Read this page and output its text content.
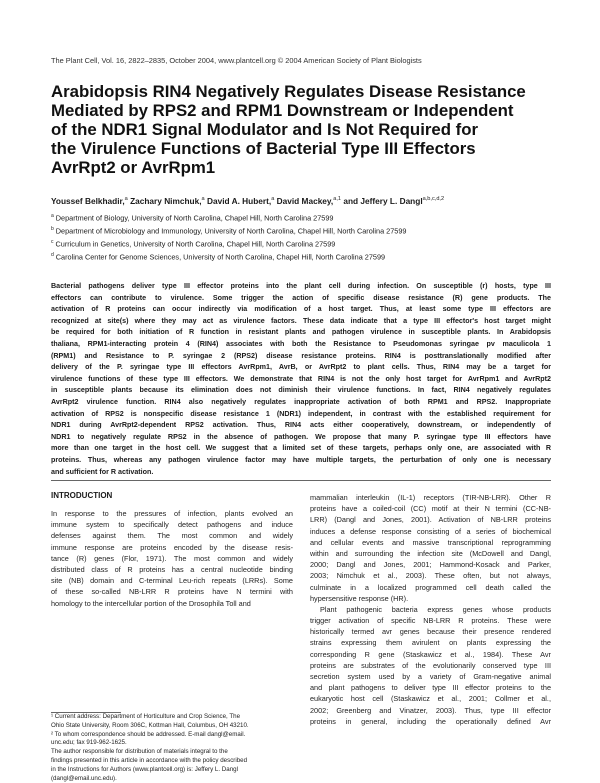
The Plant Cell, Vol. 16, 2822–2835, October 2004, www.plantcell.org © 2004 American Society of Plant Biologists
Arabidopsis RIN4 Negatively Regulates Disease Resistance
Mediated by RPS2 and RPM1 Downstream or Independent
of the NDR1 Signal Modulator and Is Not Required for
the Virulence Functions of Bacterial Type III Effectors
AvrRpt2 or AvrRpm1
Youssef Belkhadir,$^a$ Zachary Nimchuk,$^a$ David A. Hubert,$^a$ David Mackey,$^{a,1}$ and Jeffery L. Dangl$^{a,b,c,d,2}$
$^a$ Department of Biology, University of North Carolina, Chapel Hill, North Carolina 27599
$^b$ Department of Microbiology and Immunology, University of North Carolina, Chapel Hill, North Carolina 27599
$^c$ Curriculum in Genetics, University of North Carolina, Chapel Hill, North Carolina 27599
$^d$ Carolina Center for Genome Sciences, University of North Carolina, Chapel Hill, North Carolina 27599
Bacterial pathogens deliver type III effector proteins into the plant cell during infection. On susceptible (r) hosts, type III
effectors can contribute to virulence. Some trigger the action of specific disease resistance (R) gene products. The
activation of R proteins can occur indirectly via modification of a host target. Thus, at least some type III effectors are
recognized at site(s) where they may act as virulence factors. These data indicate that a type III effector's host target might
be required for both initiation of R function in resistant plants and pathogen virulence in susceptible plants. In Arabidopsis
thaliana, RPM1-interacting protein 4 (RIN4) associates with both the Resistance to Pseudomonas syringae pv maculicola 1
(RPM1) and Resistance to P. syringae 2 (RPS2) disease resistance proteins. RIN4 is posttranslationally modified after
delivery of the P. syringae type III effectors AvrRpm1, AvrB, or AvrRpt2 to plant cells. Thus, RIN4 may be a target for
virulence functions of these type III effectors. We demonstrate that RIN4 is not the only host target for AvrRpm1 and AvrRpt2
in susceptible plants because its elimination does not diminish their virulence functions. In fact, RIN4 negatively regulates
AvrRpt2 virulence function. RIN4 also negatively regulates inappropriate activation of both RPM1 and RPS2. Inappropriate
activation of RPS2 is nonspecific disease resistance 1 (NDR1) independent, in contrast with the established requirement for
NDR1 during AvrRpt2-dependent RPS2 activation. Thus, RIN4 acts either cooperatively, downstream, or independently of
NDR1 to negatively regulate RPS2 in the absence of pathogen. We propose that many P. syringae type III effectors have
more than one target in the host cell. We suggest that a limited set of these targets, perhaps only one, are associated with R
proteins. Thus, whereas any pathogen virulence factor may have multiple targets, the perturbation of only one is necessary
and sufficient for R activation.
INTRODUCTION
In response to the pressures of infection, plants evolved an
immune system to specifically detect pathogens and induce
defenses against them. The most common and widely
immune response are proteins encoded by the disease resis-
tance (R) genes (Flor, 1971). The most common and widely
distributed class of R proteins has a central nucleotide binding
site (NB) domain and C-terminal Leu-rich repeats (LRRs). Some
of these so-called NB-LRR R proteins have N termini with
homology to the intercellular portion of the Drosophila Toll and
mammalian interleukin (IL-1) receptors (TIR-NB-LRR). Other R
proteins have a coiled-coil (CC) motif at their N termini (CC-NB-
LRR) (Dangl and Jones, 2001). Activation of NB-LRR proteins
induces a defense response consisting of a series of biochemical
and cellular events and massive transcriptional reprogramming
within and surrounding the infection site (McDowell and Dangl,
2000; Dangl and Jones, 2001; Hammond-Kosack and Parker,
2003; Nimchuk et al., 2003). These often, but not always,
culminate in a localized programmed cell death called the
hypersensitive response (HR).
Plant pathogenic bacteria express genes whose products
trigger activation of specific NB-LRR R proteins. These were
historically termed avr genes because their presence rendered
strains expressing them avirulent on plants expressing the
corresponding R gene (Staskawicz et al., 1984). These Avr
proteins are substrates of the evolutionarily conserved type III
secretion system used by a variety of Gram-negative animal
and plant pathogens to deliver type III effector proteins to the
eukaryotic host cell (Staskawicz et al., 2001; Collmer et al.,
2002; Greenberg and Vinatzer, 2003). Thus, type III effector
proteins in general, including the operationally defined Avr
¹ Current address: Department of Horticulture and Crop Science, The
Ohio State University, Room 306C, Kottman Hall, Columbus, OH 43210.
² To whom correspondence should be addressed. E-mail dangl@email.
unc.edu; fax 919-962-1625.
The author responsible for distribution of materials integral to the
findings presented in this article in accordance with the policy described
in the Instructions for Authors (www.plantcell.org) is: Jeffery L. Dangl
(dangl@email.unc.edu).
